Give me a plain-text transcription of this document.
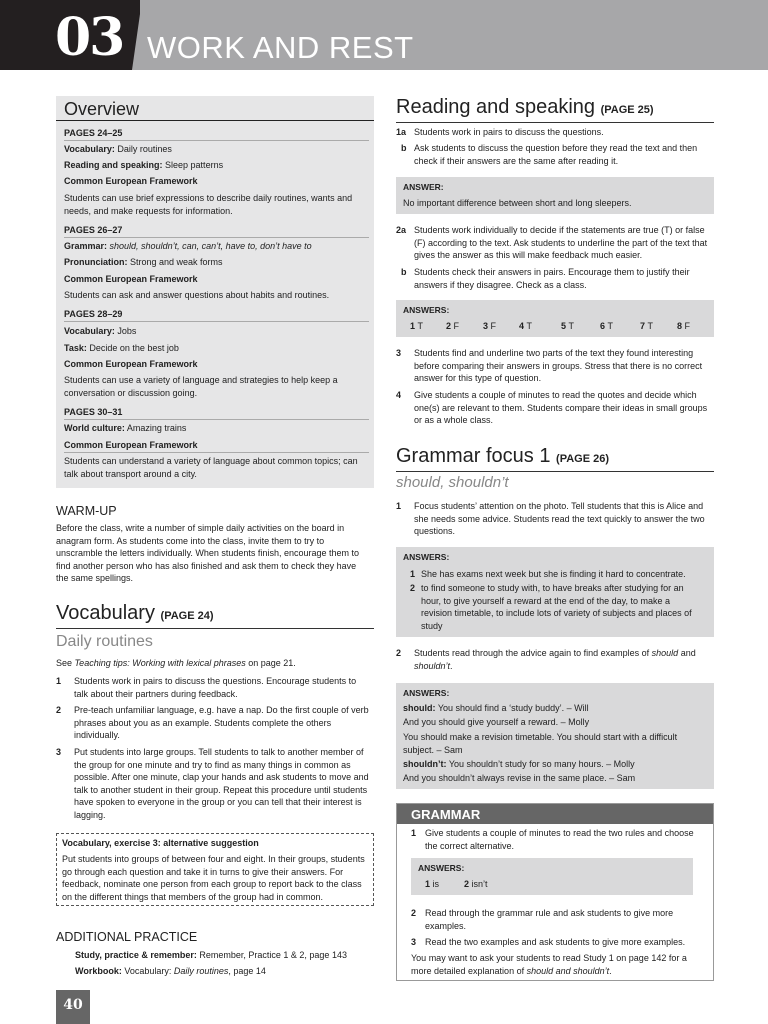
03 WORK AND REST
Overview
PAGES 24–25
Vocabulary: Daily routines
Reading and speaking: Sleep patterns
Common European Framework
Students can use brief expressions to describe daily routines, wants and needs, and make requests for information.
PAGES 26–27
Grammar: should, shouldn’t, can, can’t, have to, don’t have to
Pronunciation: Strong and weak forms
Common European Framework
Students can ask and answer questions about habits and routines.
PAGES 28–29
Vocabulary: Jobs
Task: Decide on the best job
Common European Framework
Students can use a variety of language and strategies to help keep a conversation or discussion going.
PAGES 30–31
World culture: Amazing trains
Common European Framework
Students can understand a variety of language about common topics; can talk about transport around a city.
WARM-UP
Before the class, write a number of simple daily activities on the board in anagram form. As students come into the class, invite them to try to unscramble the letters individually. When students finish, encourage them to find another person who has also finished and ask them to check they have the same spellings.
Vocabulary (PAGE 24)
Daily routines
See Teaching tips: Working with lexical phrases on page 21.
1 Students work in pairs to discuss the questions. Encourage students to talk about their partners during feedback.
2 Pre-teach unfamiliar language, e.g. have a nap. Do the first couple of verb phrases about you as an example. Students complete the others individually.
3 Put students into large groups. Tell students to talk to another member of the group for one minute and try to find as many things in common as possible. After one minute, clap your hands and ask students to move and talk to another student in their group. Repeat this procedure until students have spoken to everyone in the group or you can tell that their interest is lagging.
Vocabulary, exercise 3: alternative suggestion
Put students into groups of between four and eight. In their groups, students go through each question and take it in turns to give their answers. For feedback, nominate one person from each group to report back to the class on the different things that members of the group had in common.
ADDITIONAL PRACTICE
Study, practice & remember: Remember, Practice 1 & 2, page 143
Workbook: Vocabulary: Daily routines, page 14
40
Reading and speaking (PAGE 25)
1a Students work in pairs to discuss the questions.
b Ask students to discuss the question before they read the text and then check if their answers are the same after reading it.
ANSWER:
No important difference between short and long sleepers.
2a Students work individually to decide if the statements are true (T) or false (F) according to the text. Ask students to underline the part of the text that gives the answer as this will make feedback much easier.
b Students check their answers in pairs. Encourage them to justify their answers if they disagree. Check as a class.
ANSWERS:
1 T	2 F	3 F	4 T	5 T	6 T	7 T	8 F
3 Students find and underline two parts of the text they found interesting before comparing their answers in groups. Stress that there is no correct answer for this type of question.
4 Give students a couple of minutes to read the quotes and decide which one(s) are relevant to them. Students compare their ideas in small groups or as a whole class.
Grammar focus 1 (PAGE 26)
should, shouldn’t
1 Focus students’ attention on the photo. Tell students that this is Alice and she needs some advice. Students read the text quickly to answer the two questions.
ANSWERS:
1 She has exams next week but she is finding it hard to concentrate.
2 to find someone to study with, to have breaks after studying for an hour, to give yourself a reward at the end of the day, to make a revision timetable, to include lots of variety of subjects and places of study
2 Students read through the advice again to find examples of should and shouldn’t.
ANSWERS:
should: You should find a ‘study buddy’. – Will
And you should give yourself a reward. – Molly
You should make a revision timetable. You should start with a difficult subject. – Sam
shouldn’t: You shouldn’t study for so many hours. – Molly
And you shouldn’t always revise in the same place. – Sam
GRAMMAR
1 Give students a couple of minutes to read the two rules and choose the correct alternative.
ANSWERS:
1 is	2 isn’t
2 Read through the grammar rule and ask students to give more examples.
3 Read the two examples and ask students to give more examples.
You may want to ask your students to read Study 1 on page 142 for a more detailed explanation of should and shouldn’t.
